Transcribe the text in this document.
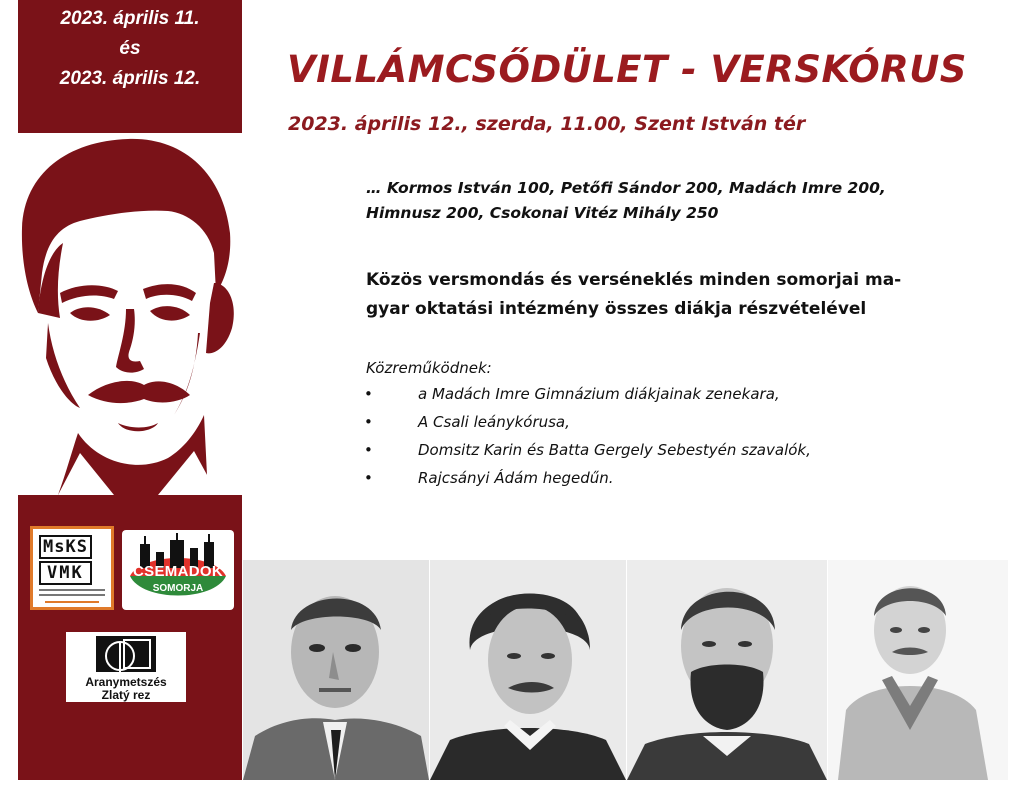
2023. április 11.
és
2023. április 12.	VILLÁMCSŐDÜLET - VERSKÓRUS
2023. április 12., szerda, 11.00, Szent István tér
… Kormos István 100, Petőfi Sándor 200, Madách Imre 200,
Himnusz 200, Csokonai Vitéz Mihály 250
Közös versmondás és verséneklés minden somorjai ma-
gyar oktatási intézmény összes diákja részvételével
Közreműködnek:
•	a Madách Imre Gimnázium diákjainak zenekara,
•	A Csali leánykórusa,
•	Domsitz Karin és Batta Gergely Sebestyén szavalók,
•	Rajcsányi Ádám hegedűn.
MsKS
VMK	CSEMADOK
SOMORJA
Aranymetszés
Zlatý rez
